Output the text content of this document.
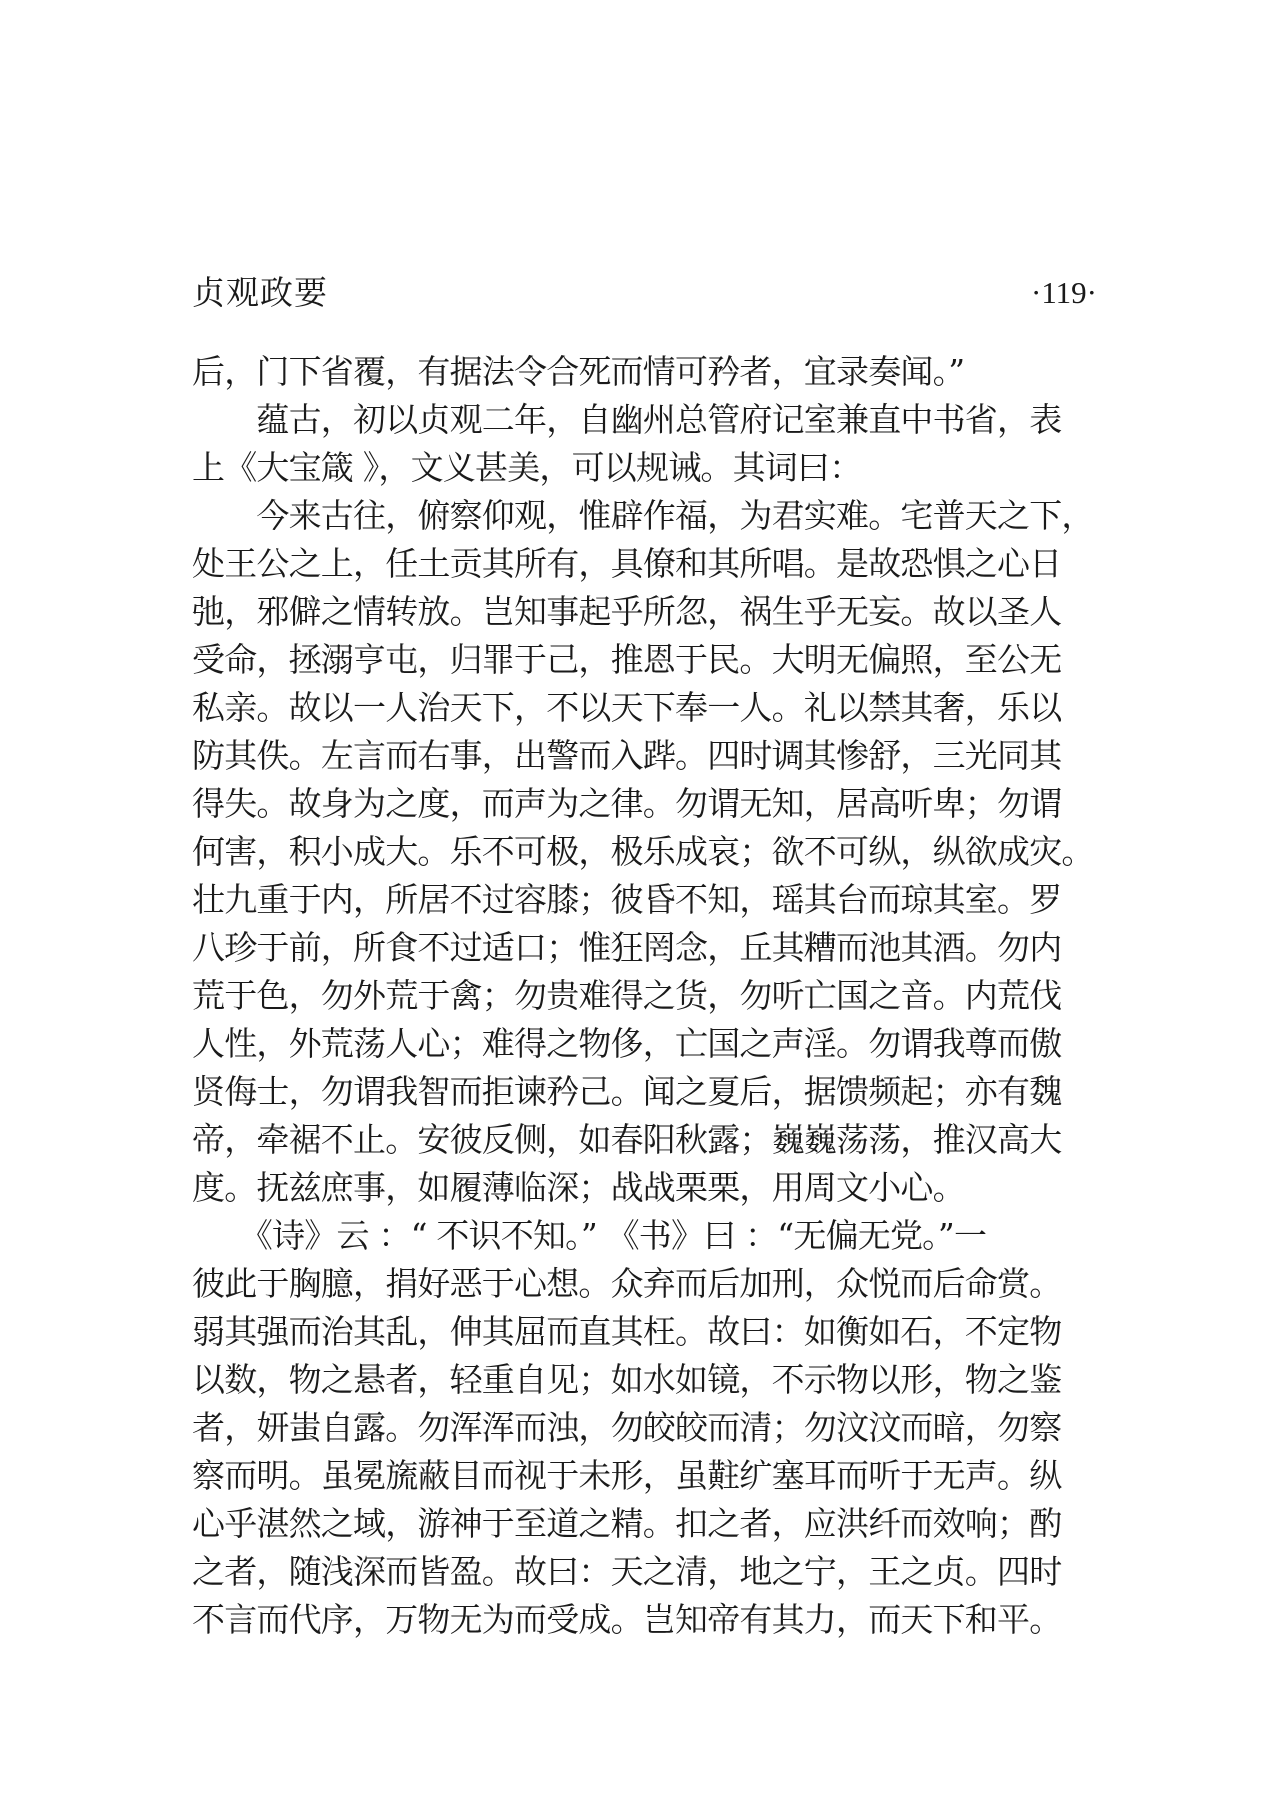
贞观政要	·119·
后，门下省覆，有据法令合死而情可矜者，宜录奏闻。”
　　蕴古，初以贞观二年，自幽州总管府记室兼直中书省，表
上《大宝箴 》，文义甚美，可以规诫。其词曰：
　　今来古往，俯察仰观，惟辟作福，为君实难。宅普天之下，
处王公之上，任土贡其所有，具僚和其所唱。是故恐惧之心日
弛，邪僻之情转放。岂知事起乎所忽，祸生乎无妄。故以圣人
受命，拯溺亨屯，归罪于己，推恩于民。大明无偏照，至公无
私亲。故以一人治天下，不以天下奉一人。礼以禁其奢，乐以
防其佚。左言而右事，出警而入跸。四时调其惨舒，三光同其
得失。故身为之度，而声为之律。勿谓无知，居高听卑；勿谓
何害，积小成大。乐不可极，极乐成哀；欲不可纵，纵欲成灾。
壮九重于内，所居不过容膝；彼昏不知，瑶其台而琼其室。罗
八珍于前，所食不过适口；惟狂罔念，丘其糟而池其酒。勿内
荒于色，勿外荒于禽；勿贵难得之货，勿听亡国之音。内荒伐
人性，外荒荡人心；难得之物侈，亡国之声淫。勿谓我尊而傲
贤侮士，勿谓我智而拒谏矜己。闻之夏后，据馈频起；亦有魏
帝，牵裾不止。安彼反侧，如春阳秋露；巍巍荡荡，推汉高大
度。抚兹庶事，如履薄临深；战战栗栗，用周文小心。
　　《诗》云 ：“ 不识不知。” 《书》曰 ：“无偏无党。”一
彼此于胸臆，捐好恶于心想。众弃而后加刑，众悦而后命赏。
弱其强而治其乱，伸其屈而直其枉。故曰：如衡如石，不定物
以数，物之悬者，轻重自见；如水如镜，不示物以形，物之鉴
者，妍蚩自露。勿浑浑而浊，勿皎皎而清；勿汶汶而暗，勿察
察而明。虽冕旒蔽目而视于未形，虽黈纩塞耳而听于无声。纵
心乎湛然之域，游神于至道之精。扣之者，应洪纤而效响；酌
之者，随浅深而皆盈。故曰：天之清，地之宁，王之贞。四时
不言而代序，万物无为而受成。岂知帝有其力，而天下和平。
